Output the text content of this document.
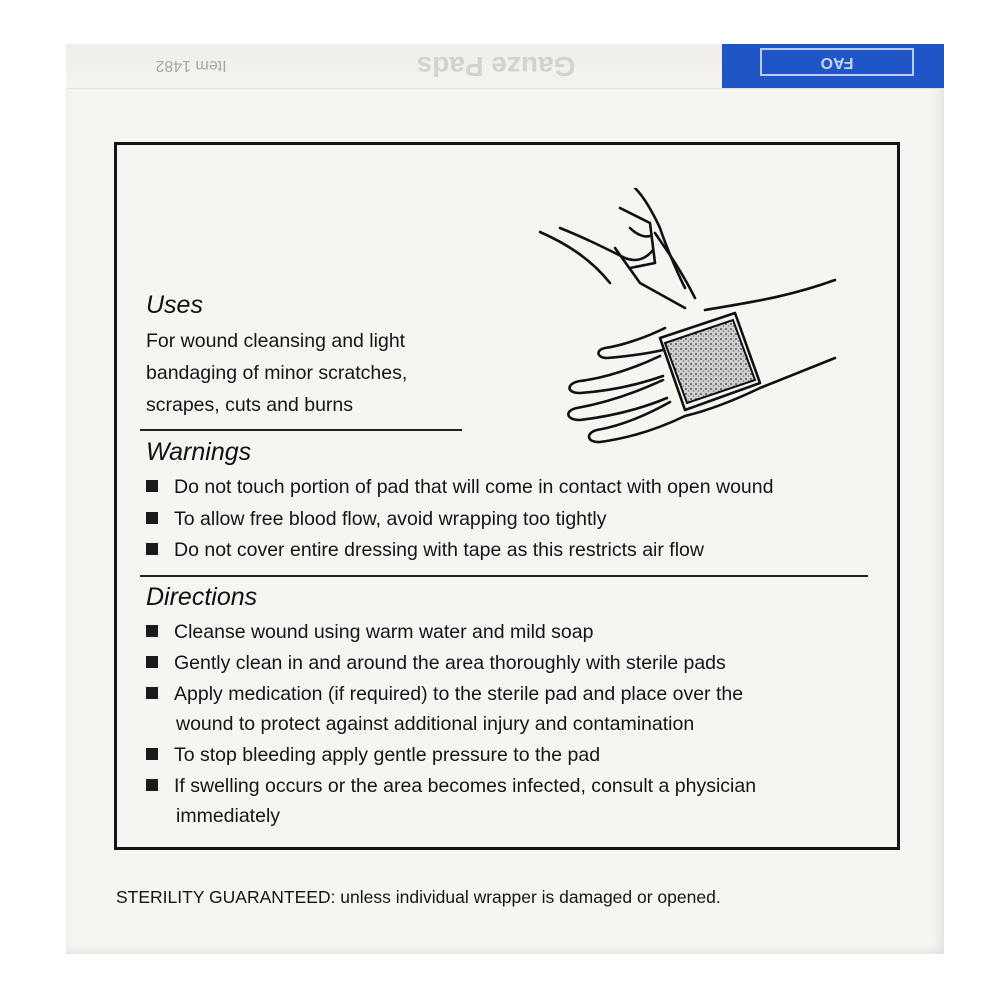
Item 1482	Gauze Pads	FAO
Uses
For wound cleansing and light
bandaging of minor scratches,
scrapes, cuts and burns
Warnings
Do not touch portion of pad that will come in contact with open wound
To allow free blood flow, avoid wrapping too tightly
Do not cover entire dressing with tape as this restricts air flow
Directions
Cleanse wound using warm water and mild soap
Gently clean in and around the area thoroughly with sterile pads
Apply medication (if required) to the sterile pad and place over the
wound to protect against additional injury and contamination
To stop bleeding apply gentle pressure to the pad
If swelling occurs or the area becomes infected, consult a physician
immediately
STERILITY GUARANTEED: unless individual wrapper is damaged or opened.
